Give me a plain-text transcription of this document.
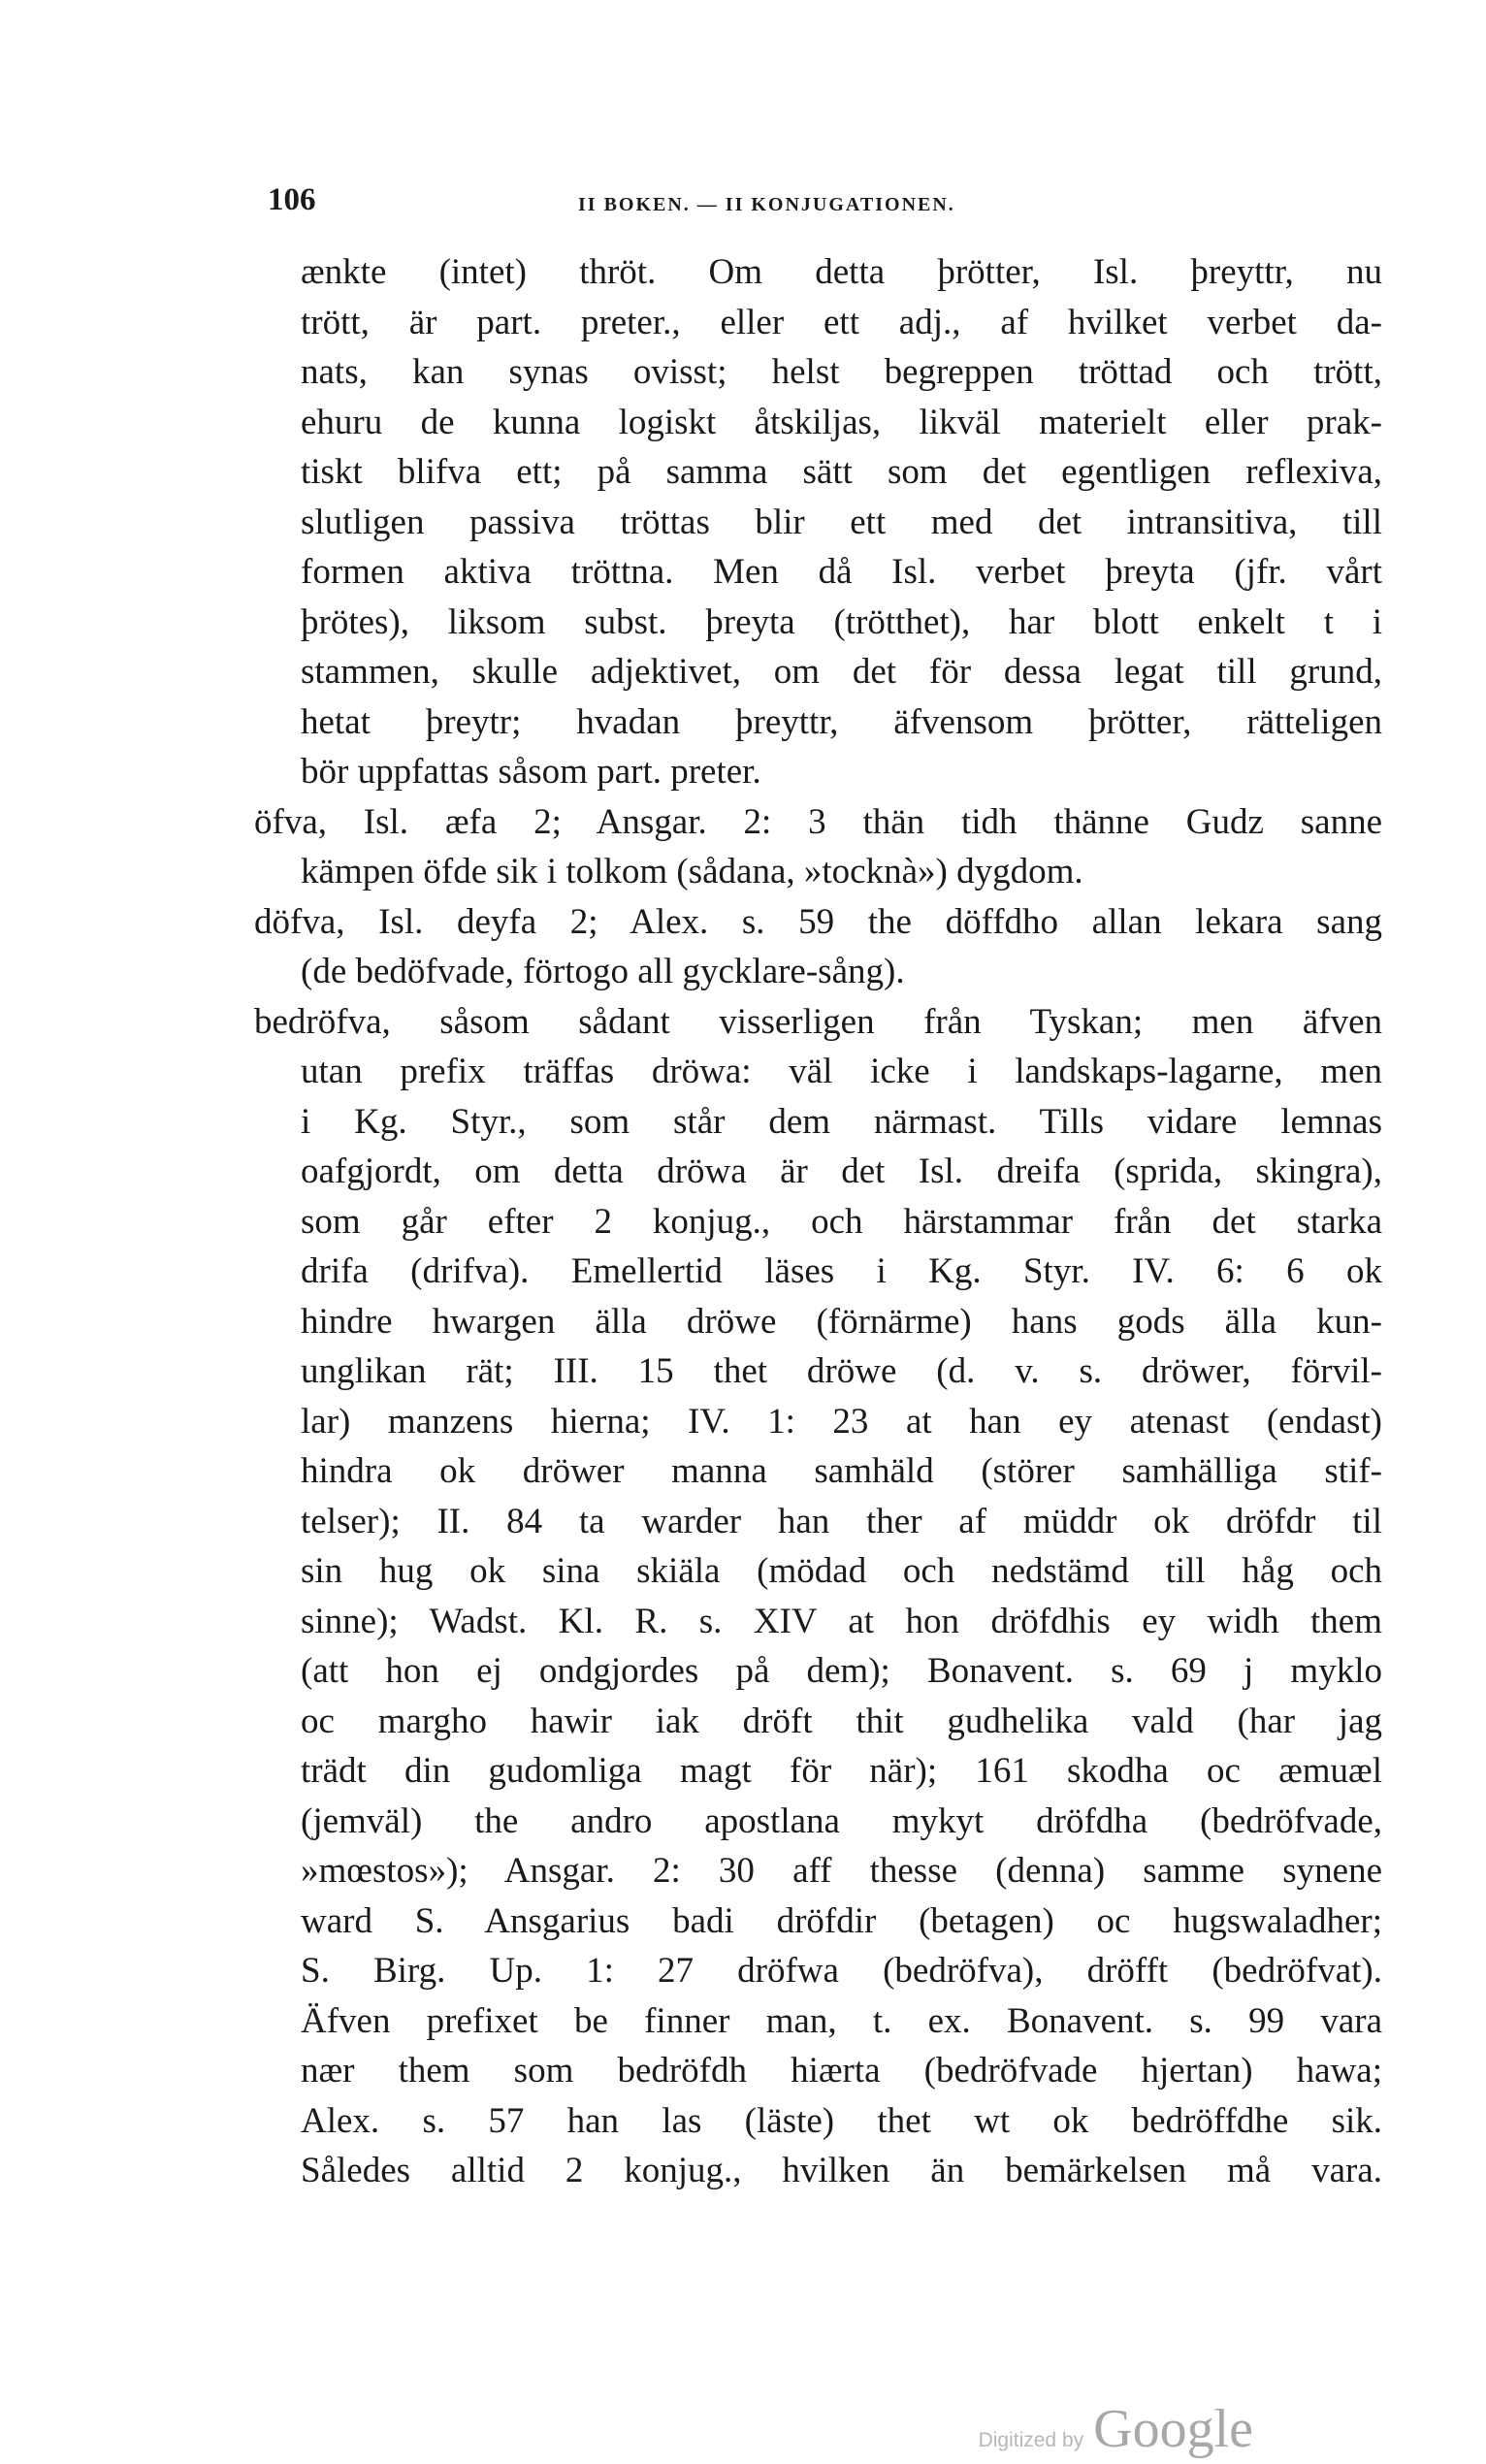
106	II BOKEN. — II KONJUGATIONEN.
ænkte (intet) thröt. Om detta þrötter, Isl. þreyttr, nu
trött, är part. preter., eller ett adj., af hvilket verbet da-
nats, kan synas ovisst; helst begreppen tröttad och trött,
ehuru de kunna logiskt åtskiljas, likväl materielt eller prak-
tiskt blifva ett; på samma sätt som det egentligen reflexiva,
slutligen passiva tröttas blir ett med det intransitiva, till
formen aktiva tröttna. Men då Isl. verbet þreyta (jfr. vårt
þrötes), liksom subst. þreyta (trötthet), har blott enkelt t i
stammen, skulle adjektivet, om det för dessa legat till grund,
hetat þreytr; hvadan þreyttr, äfvensom þrötter, rätteligen
bör uppfattas såsom part. preter.
öfva, Isl. æfa 2; Ansgar. 2: 3 thän tidh thänne Gudz sanne
kämpen öfde sik i tolkom (sådana, »tocknà») dygdom.
döfva, Isl. deyfa 2; Alex. s. 59 the döffdho allan lekara sang
(de bedöfvade, förtogo all gycklare-sång).
bedröfva, såsom sådant visserligen från Tyskan; men äfven
utan prefix träffas dröwa: väl icke i landskaps-lagarne, men
i Kg. Styr., som står dem närmast. Tills vidare lemnas
oafgjordt, om detta dröwa är det Isl. dreifa (sprida, skingra),
som går efter 2 konjug., och härstammar från det starka
drifa (drifva). Emellertid läses i Kg. Styr. IV. 6: 6 ok
hindre hwargen älla dröwe (förnärme) hans gods älla kun-
unglikan rät; III. 15 thet dröwe (d. v. s. dröwer, förvil-
lar) manzens hierna; IV. 1: 23 at han ey atenast (endast)
hindra ok dröwer manna samhäld (störer samhälliga stif-
telser); II. 84 ta warder han ther af müddr ok dröfdr til
sin hug ok sina skiäla (mödad och nedstämd till håg och
sinne); Wadst. Kl. R. s. XIV at hon dröfdhis ey widh them
(att hon ej ondgjordes på dem); Bonavent. s. 69 j myklo
oc margho hawir iak dröft thit gudhelika vald (har jag
trädt din gudomliga magt för när); 161 skodha oc æmuæl
(jemväl) the andro apostlana mykyt dröfdha (bedröfvade,
»mœstos»); Ansgar. 2: 30 aff thesse (denna) samme synene
ward S. Ansgarius badi dröfdir (betagen) oc hugswaladher;
S. Birg. Up. 1: 27 dröfwa (bedröfva), dröfft (bedröfvat).
Äfven prefixet be finner man, t. ex. Bonavent. s. 99 vara
nær them som bedröfdh hiærta (bedröfvade hjertan) hawa;
Alex. s. 57 han las (läste) thet wt ok bedröffdhe sik.
Således alltid 2 konjug., hvilken än bemärkelsen må vara.
Digitized by Google
